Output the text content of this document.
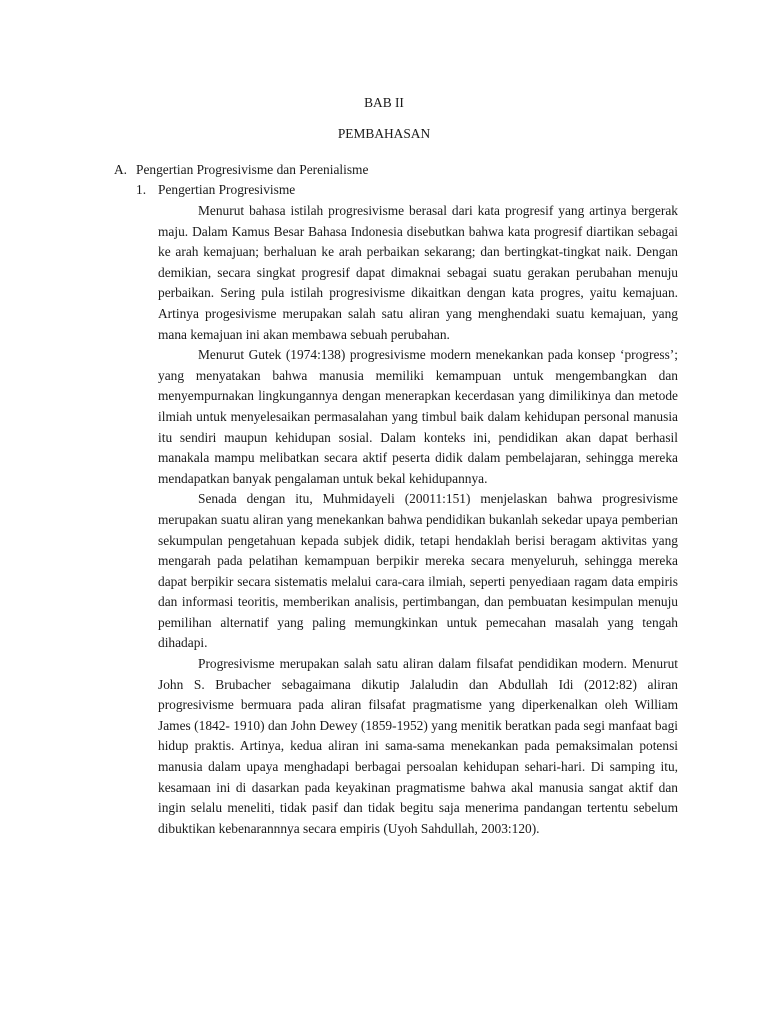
BAB II
PEMBAHASAN
A. Pengertian Progresivisme dan Perenialisme
1. Pengertian Progresivisme

Menurut bahasa istilah progresivisme berasal dari kata progresif yang artinya bergerak maju. Dalam Kamus Besar Bahasa Indonesia disebutkan bahwa kata progresif diartikan sebagai ke arah kemajuan; berhaluan ke arah perbaikan sekarang; dan bertingkat-tingkat naik. Dengan demikian, secara singkat progresif dapat dimaknai sebagai suatu gerakan perubahan menuju perbaikan. Sering pula istilah progresivisme dikaitkan dengan kata progres, yaitu kemajuan. Artinya progesivisme merupakan salah satu aliran yang menghendaki suatu kemajuan, yang mana kemajuan ini akan membawa sebuah perubahan.

Menurut Gutek (1974:138) progresivisme modern menekankan pada konsep ‘progress’; yang menyatakan bahwa manusia memiliki kemampuan untuk mengembangkan dan menyempurnakan lingkungannya dengan menerapkan kecerdasan yang dimilikinya dan metode ilmiah untuk menyelesaikan permasalahan yang timbul baik dalam kehidupan personal manusia itu sendiri maupun kehidupan sosial. Dalam konteks ini, pendidikan akan dapat berhasil manakala mampu melibatkan secara aktif peserta didik dalam pembelajaran, sehingga mereka mendapatkan banyak pengalaman untuk bekal kehidupannya.

Senada dengan itu, Muhmidayeli (20011:151) menjelaskan bahwa progresivisme merupakan suatu aliran yang menekankan bahwa pendidikan bukanlah sekedar upaya pemberian sekumpulan pengetahuan kepada subjek didik, tetapi hendaklah berisi beragam aktivitas yang mengarah pada pelatihan kemampuan berpikir mereka secara menyeluruh, sehingga mereka dapat berpikir secara sistematis melalui cara-cara ilmiah, seperti penyediaan ragam data empiris dan informasi teoritis, memberikan analisis, pertimbangan, dan pembuatan kesimpulan menuju pemilihan alternatif yang paling memungkinkan untuk pemecahan masalah yang tengah dihadapi.

Progresivisme merupakan salah satu aliran dalam filsafat pendidikan modern. Menurut John S. Brubacher sebagaimana dikutip Jalaludin dan Abdullah Idi (2012:82) aliran progresivisme bermuara pada aliran filsafat pragmatisme yang diperkenalkan oleh William James (1842- 1910) dan John Dewey (1859-1952) yang menitik beratkan pada segi manfaat bagi hidup praktis. Artinya, kedua aliran ini sama-sama menekankan pada pemaksimalan potensi manusia dalam upaya menghadapi berbagai persoalan kehidupan sehari-hari. Di samping itu, kesamaan ini di dasarkan pada keyakinan pragmatisme bahwa akal manusia sangat aktif dan ingin selalu meneliti, tidak pasif dan tidak begitu saja menerima pandangan tertentu sebelum dibuktikan kebenarannnya secara empiris (Uyoh Sahdullah, 2003:120).
